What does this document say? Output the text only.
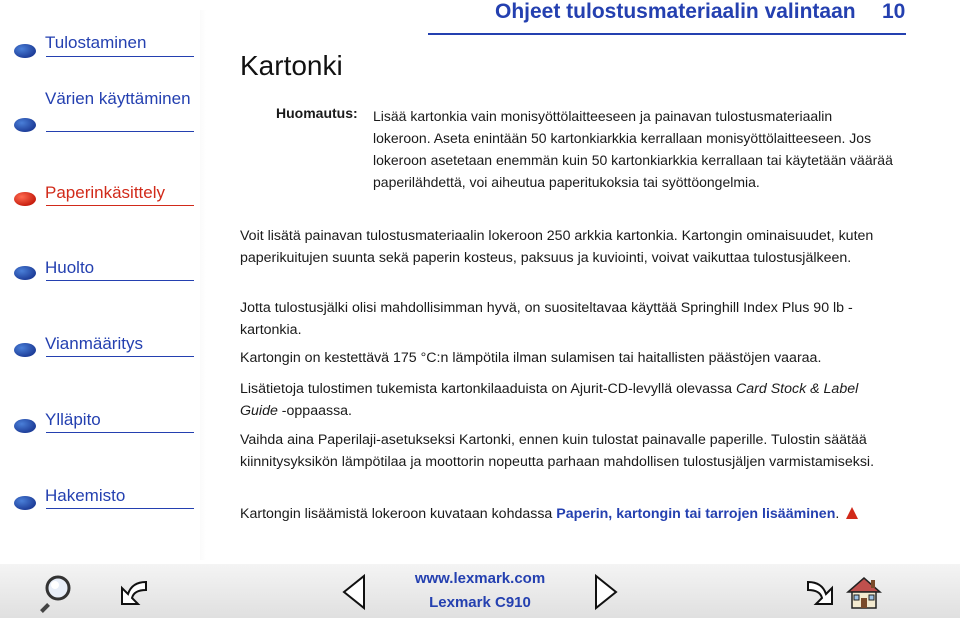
Tulostaminen
Värien käyttäminen
Paperinkäsittely
Huolto
Vianmääritys
Ylläpito
Hakemisto
Ohjeet tulostusmateriaalin valintaan 10
Kartonki
Huomautus: Lisää kartonkia vain monisyöttölaitteeseen ja painavan tulostusmateriaalin lokeroon. Aseta enintään 50 kartonkiarkkia kerrallaan monisyöttölaitteeseen. Jos lokeroon asetetaan enemmän kuin 50 kartonkiarkkia kerrallaan tai käytetään väärää paperilähdettä, voi aiheutua paperitukoksia tai syöttöongelmia.
Voit lisätä painavan tulostusmateriaalin lokeroon 250 arkkia kartonkia. Kartongin ominaisuudet, kuten paperikuitujen suunta sekä paperin kosteus, paksuus ja kuviointi, voivat vaikuttaa tulostusjälkeen.
Jotta tulostusjälki olisi mahdollisimman hyvä, on suositeltavaa käyttää Springhill Index Plus 90 lb -kartonkia.
Kartongin on kestettävä 175 °C:n lämpötila ilman sulamisen tai haitallisten päästöjen vaaraa.
Lisätietoja tulostimen tukemista kartonkilaaduista on Ajurit-CD-levyllä olevassa Card Stock & Label Guide -oppaassa.
Vaihda aina Paperilaji-asetukseksi Kartonki, ennen kuin tulostat painavalle paperille. Tulostin säätää kiinnitysyksikön lämpötilaa ja moottorin nopeutta parhaan mahdollisen tulostusjäljen varmistamiseksi.
Kartongin lisäämistä lokeroon kuvataan kohdassa Paperin, kartongin tai tarrojen lisääminen.
www.lexmark.com
Lexmark C910
